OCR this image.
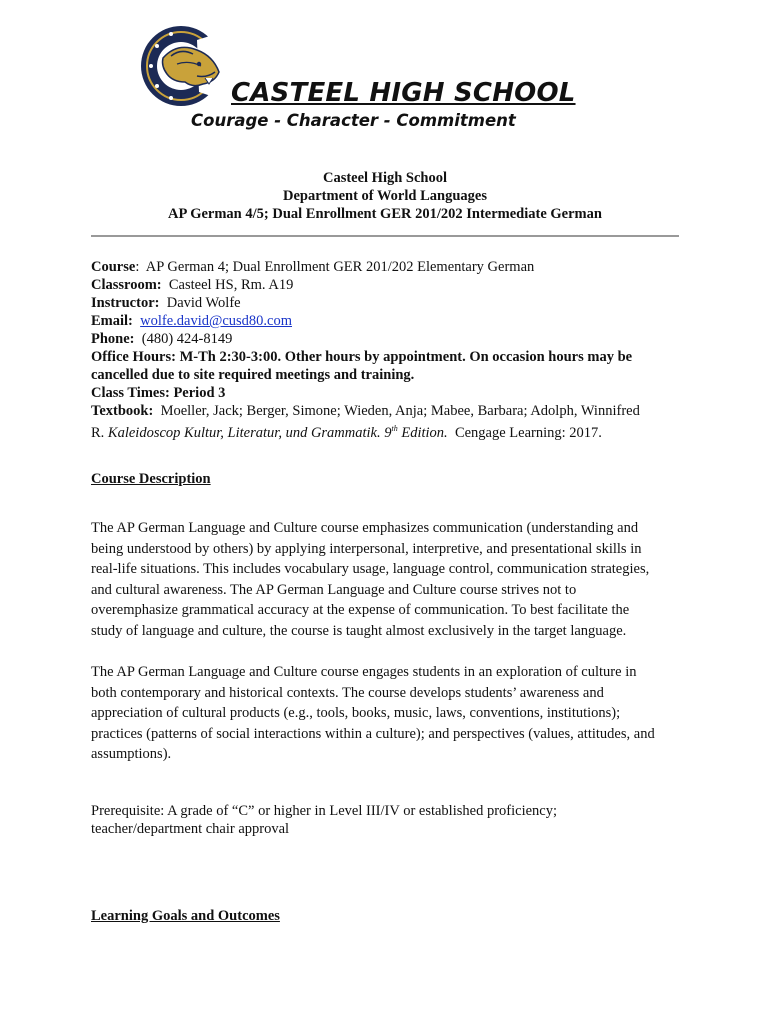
CASTEEL HIGH SCHOOL
Courage - Character - Commitment
Casteel High School
Department of World Languages
AP German 4/5; Dual Enrollment GER 201/202 Intermediate German
Course:  AP German 4; Dual Enrollment GER 201/202 Elementary German
Classroom: Casteel HS, Rm. A19
Instructor: David Wolfe
Email: wolfe.david@cusd80.com
Phone: (480) 424-8149
Office Hours: M-Th 2:30-3:00. Other hours by appointment. On occasion hours may be
cancelled due to site required meetings and training.
Class Times: Period 3
Textbook: Moeller, Jack; Berger, Simone; Wieden, Anja; Mabee, Barbara; Adolph, Winnifred
R. Kaleidoscop Kultur, Literatur, und Grammatik. 9th Edition. Cengage Learning: 2017.
Course Description
The AP German Language and Culture course emphasizes communication (understanding and
being understood by others) by applying interpersonal, interpretive, and presentational skills in
real-life situations. This includes vocabulary usage, language control, communication strategies,
and cultural awareness. The AP German Language and Culture course strives not to
overemphasize grammatical accuracy at the expense of communication. To best facilitate the
study of language and culture, the course is taught almost exclusively in the target language.
The AP German Language and Culture course engages students in an exploration of culture in
both contemporary and historical contexts. The course develops students’ awareness and
appreciation of cultural products (e.g., tools, books, music, laws, conventions, institutions);
practices (patterns of social interactions within a culture); and perspectives (values, attitudes, and
assumptions).
Prerequisite: A grade of “C” or higher in Level III/IV or established proficiency;
teacher/department chair approval
Learning Goals and Outcomes
